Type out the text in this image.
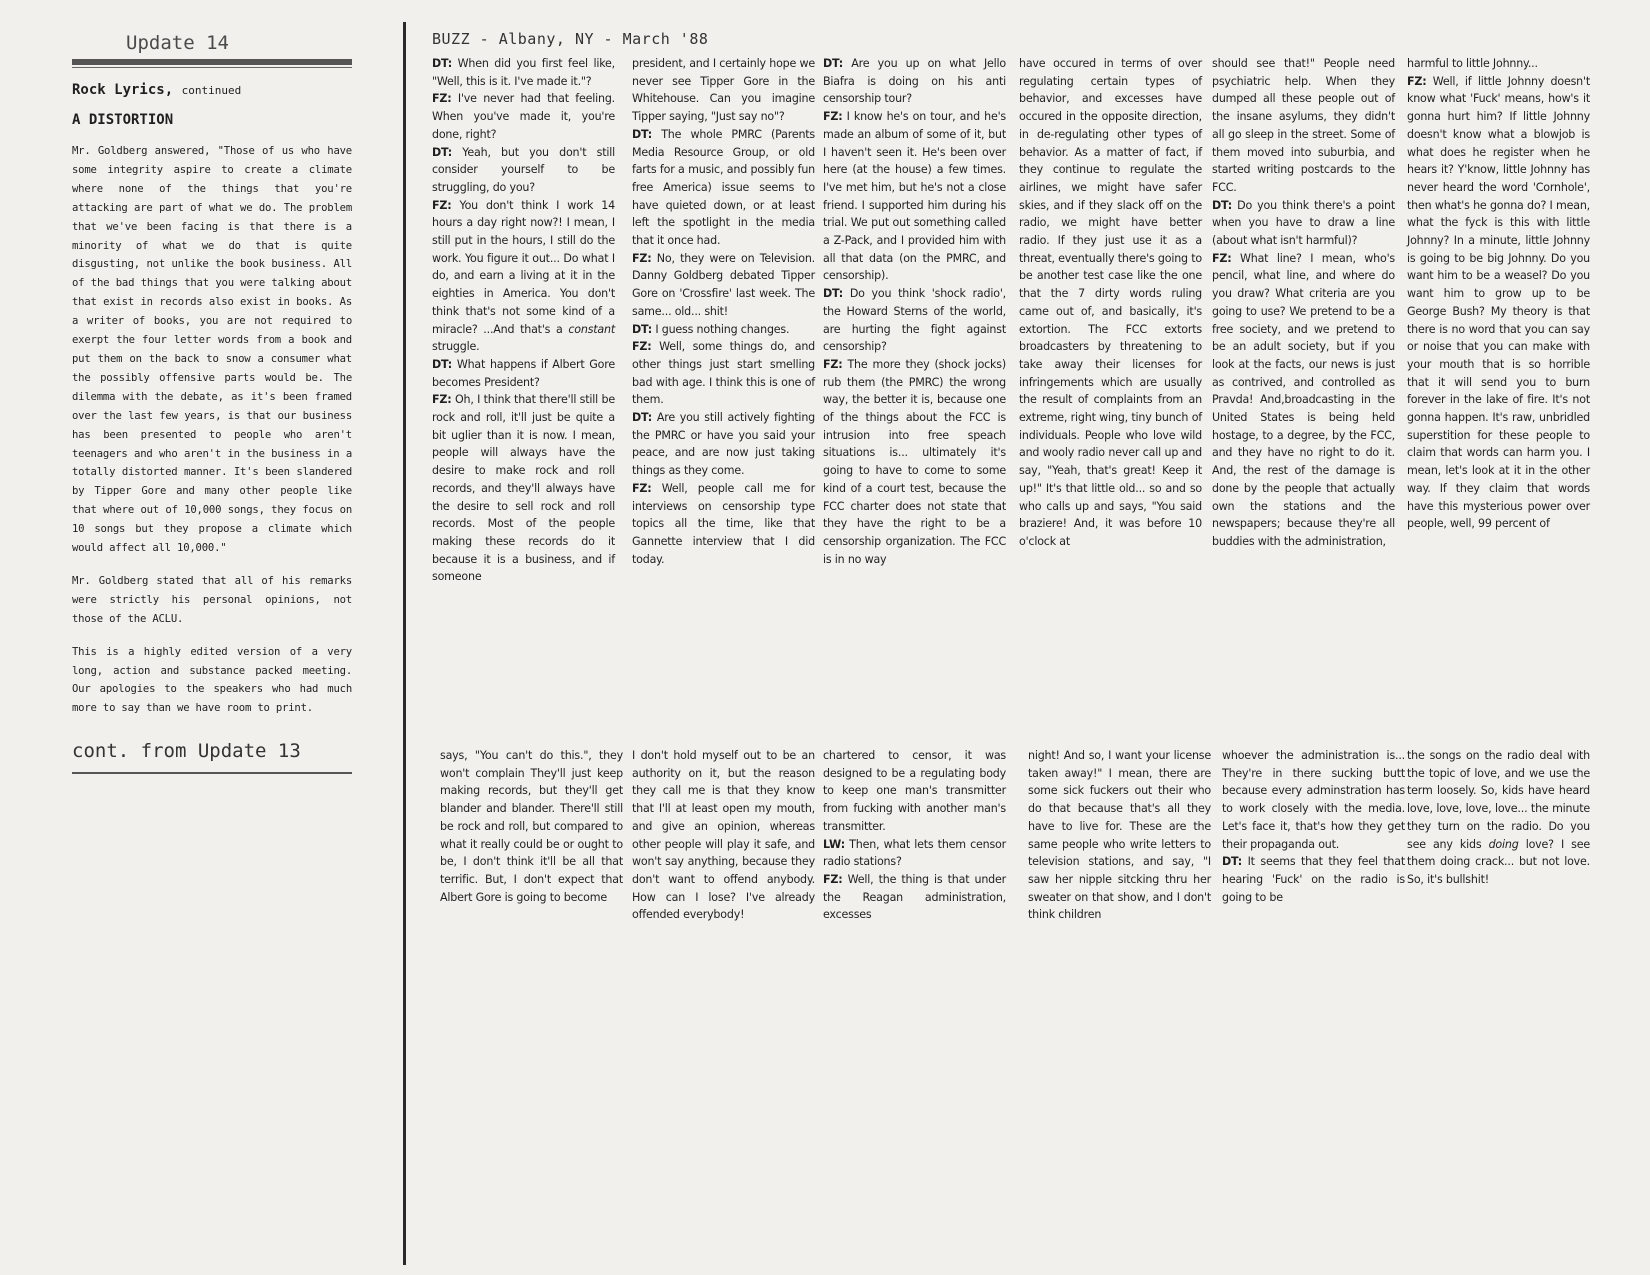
Update 14
Rock Lyrics, continued
A DISTORTION

Mr. Goldberg answered, "Those of us who have some integrity aspire to create a climate where none of the things that you're attacking are part of what we do. The problem that we've been facing is that there is a minority of what we do that is quite disgusting, not unlike the book business. All of the bad things that you were talking about that exist in records also exist in books. As a writer of books, you are not required to exerpt the four letter words from a book and put them on the back to snow a consumer what the possibly offensive parts would be. The dilemma with the debate, as it's been framed over the last few years, is that our business has been presented to people who aren't teenagers and who aren't in the business in a totally distorted manner. It's been slandered by Tipper Gore and many other people like that where out of 10,000 songs, they focus on 10 songs but they propose a climate which would affect all 10,000."

Mr. Goldberg stated that all of his remarks were strictly his personal opinions, not those of the ACLU.

This is a highly edited version of a very long, action and substance packed meeting. Our apologies to the speakers who had much more to say than we have room to print.

cont. from Update 13
BUZZ - Albany, NY - March '88

DT: When did you first feel like, "Well, this is it. I've made it."?

FZ: I've never had that feeling. When you've made it, you're done, right?

DT: Yeah, but you don't still consider yourself to be struggling, do you?

FZ: You don't think I work 14 hours a day right now?! I mean, I still put in the hours, I still do the work. You figure it out... Do what I do, and earn a living at it in the eighties in America. You don't think that's not some kind of a miracle? ...And that's a constant struggle.

DT: What happens if Albert Gore becomes President?

FZ: Oh, I think that there'll still be rock and roll, it'll just be quite a bit uglier than it is now. I mean, people will always have the desire to make rock and roll records, and they'll always have the desire to sell rock and roll records. Most of the people making these records do it because it is a business, and if someone

president, and I certainly hope we never see Tipper Gore in the Whitehouse. Can you imagine Tipper saying, "Just say no"?

DT: The whole PMRC (Parents Media Resource Group, or old farts for a music, and possibly fun free America) issue seems to have quieted down, or at least left the spotlight in the media that it once had.

FZ: No, they were on Television. Danny Goldberg debated Tipper Gore on 'Crossfire' last week. The same... old... shit!

DT: I guess nothing changes.

FZ: Well, some things do, and other things just start smelling bad with age. I think this is one of them.

DT: Are you still actively fighting the PMRC or have you said your peace, and are now just taking things as they come.

FZ: Well, people call me for interviews on censorship type topics all the time, like that Gannette interview that I did today.

DT: Are you up on what Jello Biafra is doing on his anti censorship tour?

FZ: I know he's on tour, and he's made an album of some of it, but I haven't seen it. He's been over here (at the house) a few times. I've met him, but he's not a close friend. I supported him during his trial. We put out something called a Z-Pack, and I provided him with all that data (on the PMRC, and censorship).

DT: Do you think 'shock radio', the Howard Sterns of the world, are hurting the fight against censorship?

FZ: The more they (shock jocks) rub them (the PMRC) the wrong way, the better it is, because one of the things about the FCC is intrusion into free speach situations is... ultimately it's going to have to come to some kind of a court test, because the FCC charter does not state that they have the right to be a censorship organization. The FCC is in no way

have occured in terms of over regulating certain types of behavior, and excesses have occured in the opposite direction, in de-regulating other types of behavior. As a matter of fact, if they continue to regulate the airlines, we might have safer skies, and if they slack off on the radio, we might have better radio. If they just use it as a threat, eventually there's going to be another test case like the one that the 7 dirty words ruling came out of, and basically, it's extortion. The FCC extorts broadcasters by threatening to take away their licenses for infringements which are usually the result of complaints from an extreme, right wing, tiny bunch of individuals. People who love wild and wooly radio never call up and say, "Yeah, that's great! Keep it up!" It's that little old... so and so who calls up and says, "You said braziere! And, it was before 10 o'clock at

should see that!" People need psychiatric help. When they dumped all these people out of the insane asylums, they didn't all go sleep in the street. Some of them moved into suburbia, and started writing postcards to the FCC.

DT: Do you think there's a point when you have to draw a line (about what isn't harmful)?

FZ: What line? I mean, who's pencil, what line, and where do you draw? What criteria are you going to use? We pretend to be a free society, and we pretend to be an adult society, but if you look at the facts, our news is just as contrived, and controlled as Pravda! And,broadcasting in the United States is being held hostage, to a degree, by the FCC, and they have no right to do it. And, the rest of the damage is done by the people that actually own the stations and the newspapers; because they're all buddies with the administration,

harmful to little Johnny...

FZ: Well, if little Johnny doesn't know what 'Fuck' means, how's it gonna hurt him? If little Johnny doesn't know what a blowjob is what does he register when he hears it? Y'know, little Johnny has never heard the word 'Cornhole', then what's he gonna do? I mean, what the fyck is this with little Johnny? In a minute, little Johnny is going to be big Johnny. Do you want him to be a weasel? Do you want him to grow up to be George Bush? My theory is that there is no word that you can say or noise that you can make with your mouth that is so horrible that it will send you to burn forever in the lake of fire. It's not gonna happen. It's raw, unbridled superstition for these people to claim that words can harm you. I mean, let's look at it in the other way. If they claim that words have this mysterious power over people, well, 99 percent of

says, "You can't do this.", they won't complain They'll just keep making records, but they'll get blander and blander. There'll still be rock and roll, but compared to what it really could be or ought to be, I don't think it'll be all that terrific. But, I don't expect that Albert Gore is going to become

I don't hold myself out to be an authority on it, but the reason they call me is that they know that I'll at least open my mouth, and give an opinion, whereas other people will play it safe, and won't say anything, because they don't want to offend anybody. How can I lose? I've already offended everybody!

chartered to censor, it was designed to be a regulating body to keep one man's transmitter from fucking with another man's transmitter.

LW: Then, what lets them censor radio stations?

FZ: Well, the thing is that under the Reagan administration, excesses

night! And so, I want your license taken away!" I mean, there are some sick fuckers out their who do that because that's all they have to live for. These are the same people who write letters to television stations, and say, "I saw her nipple sitcking thru her sweater on that show, and I don't think children

whoever the administration is... They're in there sucking butt because every adminstration has to work closely with the media. Let's face it, that's how they get their propaganda out.

DT: It seems that they feel that hearing 'Fuck' on the radio is going to be

the songs on the radio deal with the topic of love, and we use the term loosely. So, kids have heard love, love, love, love... the minute they turn on the radio. Do you see any kids doing love? I see them doing crack... but not love. So, it's bullshit!
